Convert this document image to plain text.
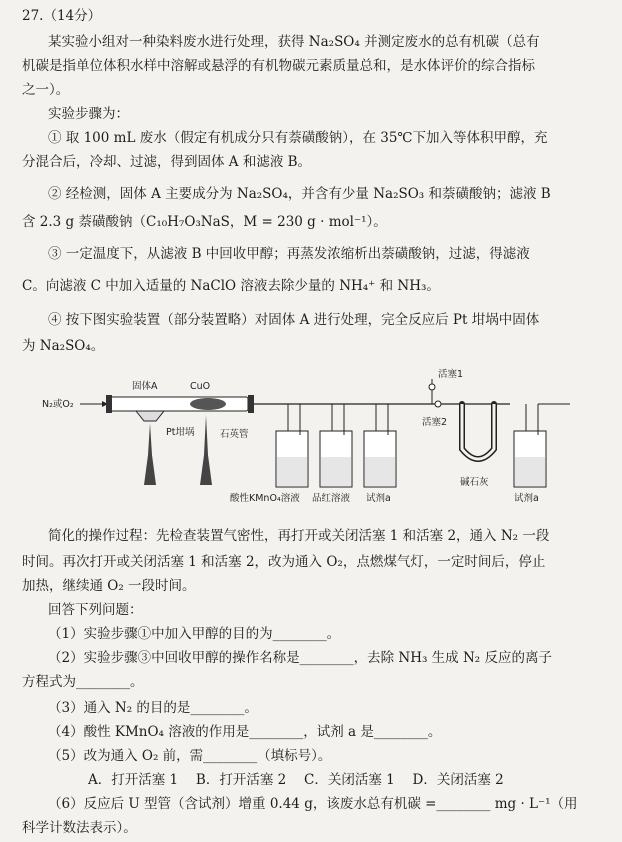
27.（14分）
某实验小组对一种染料废水进行处理，获得 Na₂SO₄ 并测定废水的总有机碳（总有
机碳是指单位体积水样中溶解或悬浮的有机物碳元素质量总和，是水体评价的综合指标
之一）。
实验步骤为：
① 取 100 mL 废水（假定有机成分只有萘磺酸钠），在 35℃下加入等体积甲醇，充
分混合后，冷却、过滤，得到固体 A 和滤液 B。
② 经检测，固体 A 主要成分为 Na₂SO₄，并含有少量 Na₂SO₃ 和萘磺酸钠；滤液 B
含 2.3 g 萘磺酸钠（C₁₀H₇O₃NaS，M = 230 g · mol⁻¹）。
③ 一定温度下，从滤液 B 中回收甲醇；再蒸发浓缩析出萘磺酸钠，过滤，得滤液
C。向滤液 C 中加入适量的 NaClO 溶液去除少量的 NH₄⁺ 和 NH₃。
④ 按下图实验装置（部分装置略）对固体 A 进行处理，完全反应后 Pt 坩埚中固体
为 Na₂SO₄。
N₂或O₂
固体A	CuO
Pt坩埚	石英管
酸性KMnO₄溶液 品红溶液 试剂a
活塞1
活塞2
碱石灰
试剂a
简化的操作过程：先检查装置气密性，再打开或关闭活塞 1 和活塞 2，通入 N₂ 一段
时间。再次打开或关闭活塞 1 和活塞 2，改为通入 O₂，点燃煤气灯，一定时间后，停止
加热，继续通 O₂ 一段时间。
回答下列问题：
（1）实验步骤①中加入甲醇的目的为________。
（2）实验步骤③中回收甲醇的操作名称是________，去除 NH₃ 生成 N₂ 反应的离子
方程式为________。
（3）通入 N₂ 的目的是________。
（4）酸性 KMnO₄ 溶液的作用是________，试剂 a 是________。
（5）改为通入 O₂ 前，需________（填标号）。
A．打开活塞 1　 B．打开活塞 2　 C．关闭活塞 1　 D．关闭活塞 2
（6）反应后 U 型管（含试剂）增重 0.44 g，该废水总有机碳 =________ mg · L⁻¹（用
科学计数法表示）。
